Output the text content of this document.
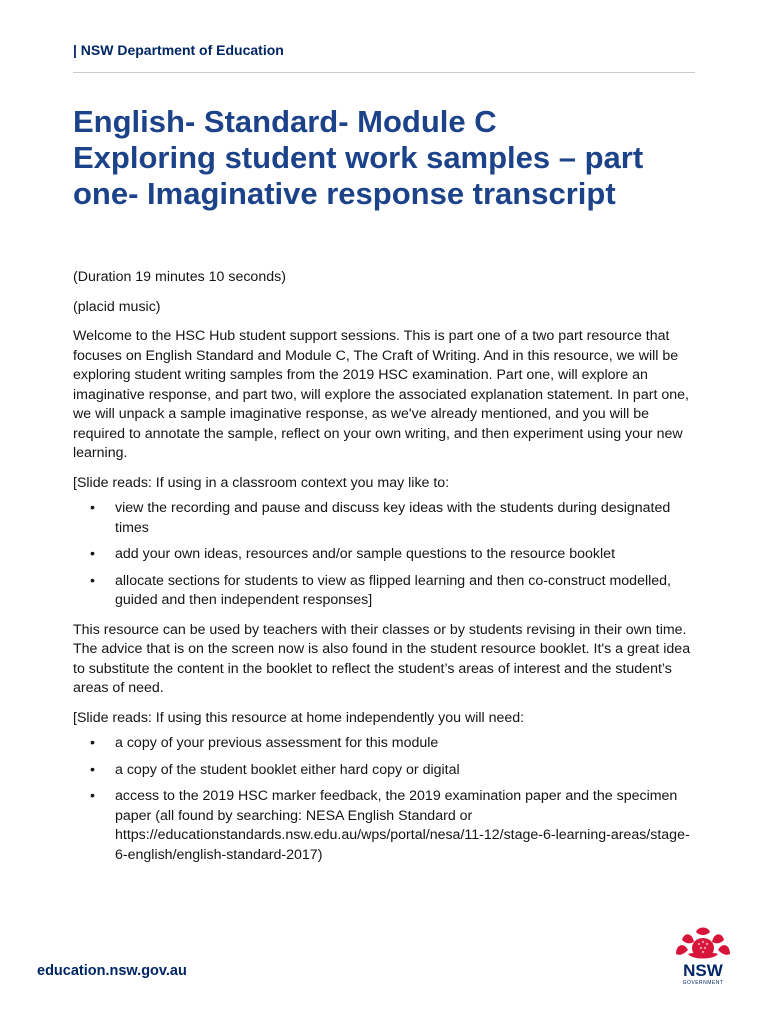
| NSW Department of Education
English- Standard- Module C
Exploring student work samples – part
one- Imaginative response transcript

(Duration 19 minutes 10 seconds)

(placid music)

Welcome to the HSC Hub student support sessions. This is part one of a two part resource that focuses on English Standard and Module C, The Craft of Writing. And in this resource, we will be exploring student writing samples from the 2019 HSC examination. Part one, will explore an imaginative response, and part two, will explore the associated explanation statement. In part one, we will unpack a sample imaginative response, as we've already mentioned, and you will be required to annotate the sample, reflect on your own writing, and then experiment using your new learning.

[Slide reads: If using in a classroom context you may like to:

• view the recording and pause and discuss key ideas with the students during designated times
• add your own ideas, resources and/or sample questions to the resource booklet
• allocate sections for students to view as flipped learning and then co-construct modelled, guided and then independent responses]

This resource can be used by teachers with their classes or by students revising in their own time. The advice that is on the screen now is also found in the student resource booklet. It's a great idea to substitute the content in the booklet to reflect the student’s areas of interest and the student’s areas of need.

[Slide reads: If using this resource at home independently you will need:

• a copy of your previous assessment for this module
• a copy of the student booklet either hard copy or digital
• access to the 2019 HSC marker feedback, the 2019 examination paper and the specimen paper (all found by searching: NESA English Standard or https://educationstandards.nsw.edu.au/wps/portal/nesa/11-12/stage-6-learning-areas/stage-6-english/english-standard-2017)
education.nsw.gov.au	NSW
GOVERNMENT
